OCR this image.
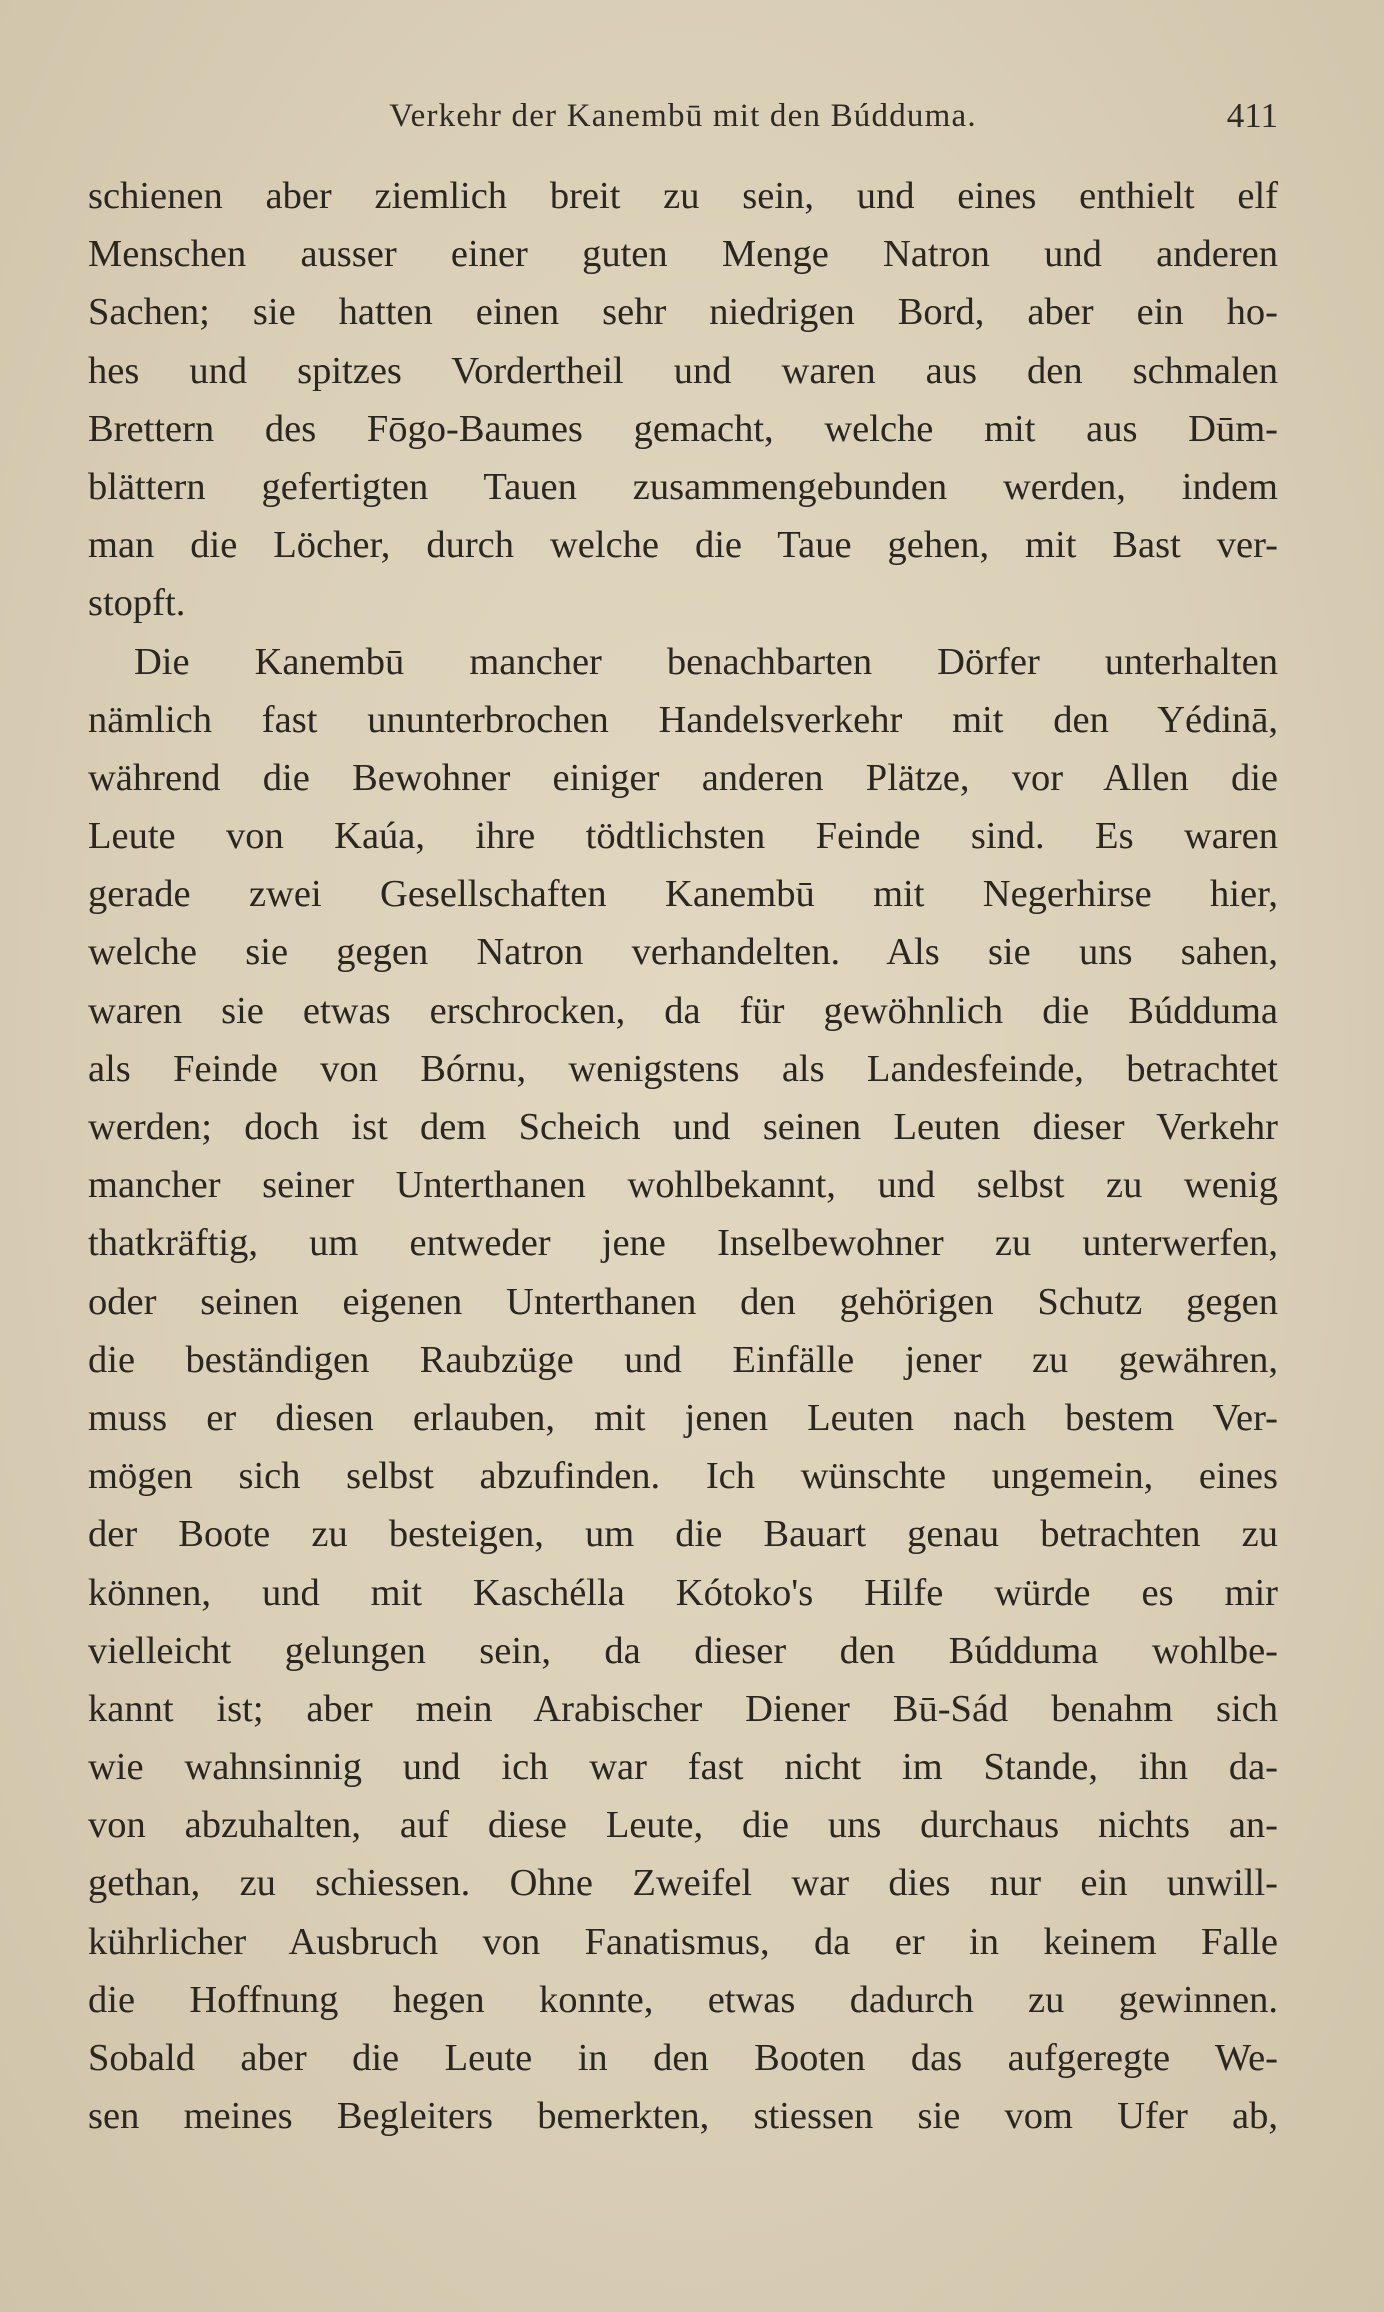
Verkehr der Kanembū mit den Búdduma.	411
schienen aber ziemlich breit zu sein, und eines enthielt elf
Menschen ausser einer guten Menge Natron und anderen
Sachen; sie hatten einen sehr niedrigen Bord, aber ein ho-
hes und spitzes Vordertheil und waren aus den schmalen
Brettern des Fōgo-Baumes gemacht, welche mit aus Dūm-
blättern gefertigten Tauen zusammengebunden werden, indem
man die Löcher, durch welche die Taue gehen, mit Bast ver-
stopft.
Die Kanembū mancher benachbarten Dörfer unterhalten
nämlich fast ununterbrochen Handelsverkehr mit den Yédinā,
während die Bewohner einiger anderen Plätze, vor Allen die
Leute von Kaúa, ihre tödtlichsten Feinde sind. Es waren
gerade zwei Gesellschaften Kanembū mit Negerhirse hier,
welche sie gegen Natron verhandelten. Als sie uns sahen,
waren sie etwas erschrocken, da für gewöhnlich die Búdduma
als Feinde von Bórnu, wenigstens als Landesfeinde, betrachtet
werden; doch ist dem Scheich und seinen Leuten dieser Verkehr
mancher seiner Unterthanen wohlbekannt, und selbst zu wenig
thatkräftig, um entweder jene Inselbewohner zu unterwerfen,
oder seinen eigenen Unterthanen den gehörigen Schutz gegen
die beständigen Raubzüge und Einfälle jener zu gewähren,
muss er diesen erlauben, mit jenen Leuten nach bestem Ver-
mögen sich selbst abzufinden. Ich wünschte ungemein, eines
der Boote zu besteigen, um die Bauart genau betrachten zu
können, und mit Kaschélla Kótoko's Hilfe würde es mir
vielleicht gelungen sein, da dieser den Búdduma wohlbe-
kannt ist; aber mein Arabischer Diener Bū-Sád benahm sich
wie wahnsinnig und ich war fast nicht im Stande, ihn da-
von abzuhalten, auf diese Leute, die uns durchaus nichts an-
gethan, zu schiessen. Ohne Zweifel war dies nur ein unwill-
kührlicher Ausbruch von Fanatismus, da er in keinem Falle
die Hoffnung hegen konnte, etwas dadurch zu gewinnen.
Sobald aber die Leute in den Booten das aufgeregte We-
sen meines Begleiters bemerkten, stiessen sie vom Ufer ab,
